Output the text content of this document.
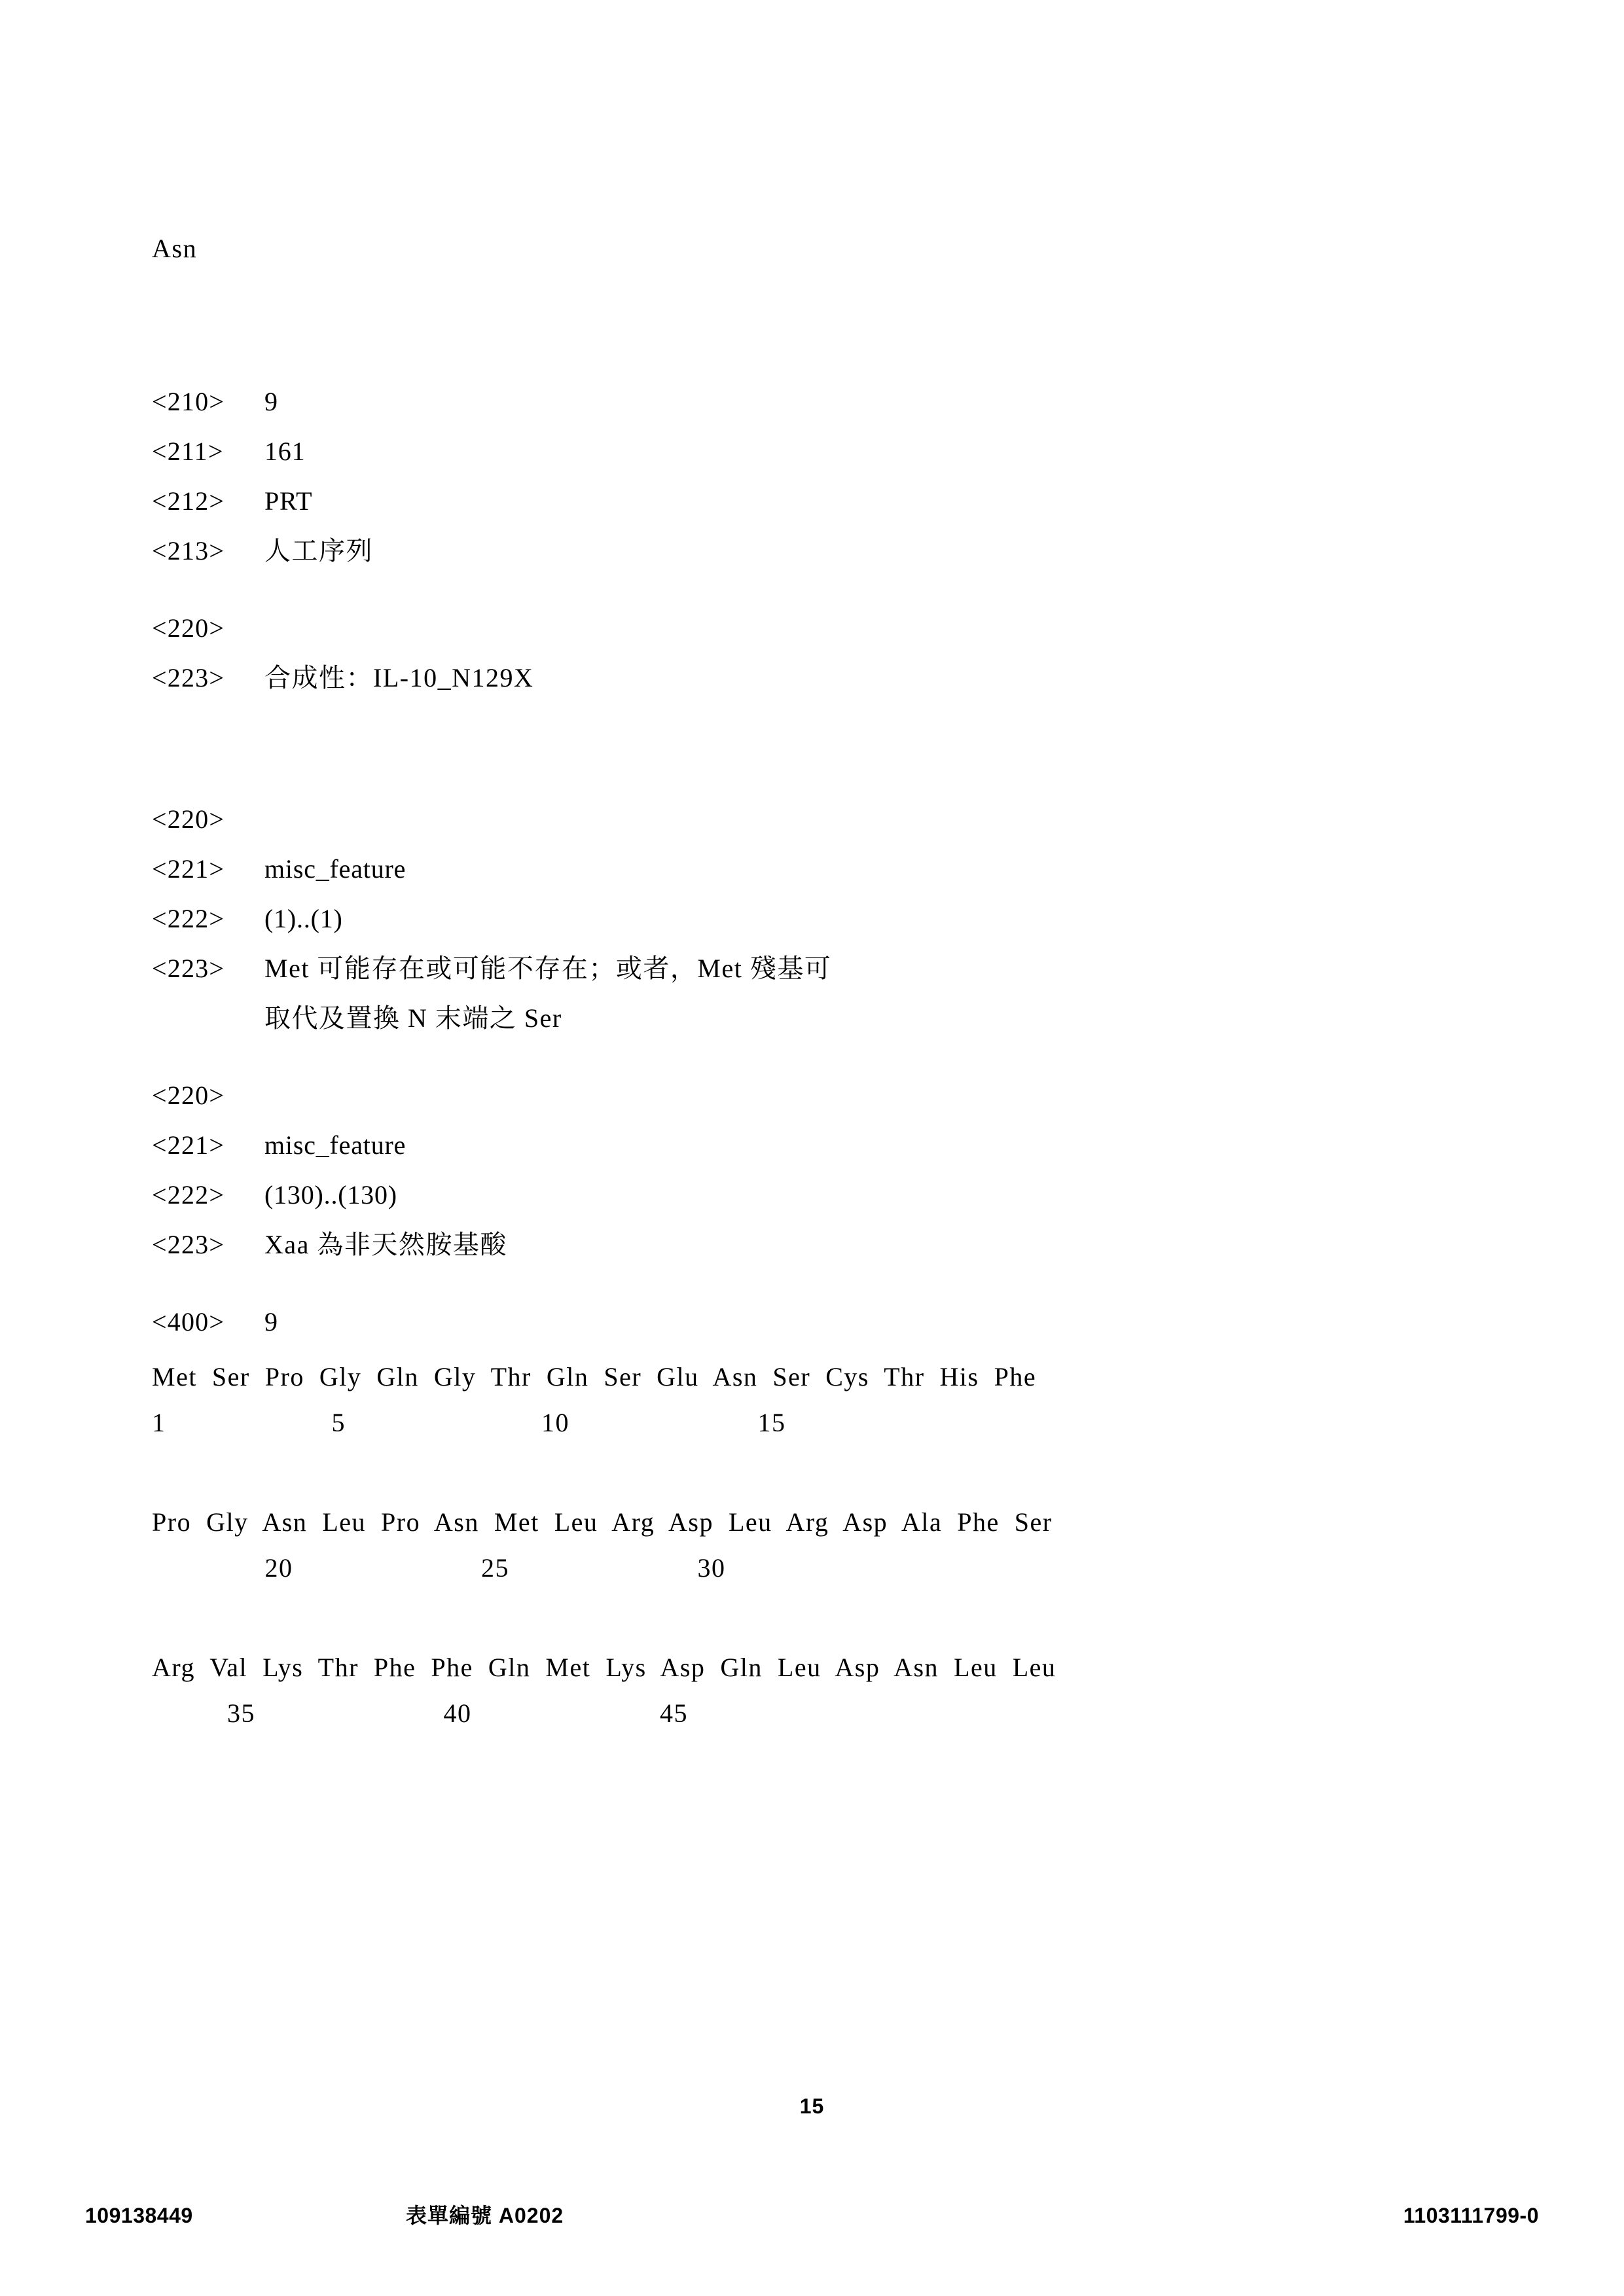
Asn
<210>	9
<211>	161
<212>	PRT
<213>	人工序列
<220>
<223>	合成性：IL-10_N129X
<220>
<221>	misc_feature
<222>	(1)..(1)
<223>	Met 可能存在或可能不存在；或者，Met 殘基可
取代及置換 N 末端之 Ser
<220>
<221>	misc_feature
<222>	(130)..(130)
<223>	Xaa 為非天然胺基酸
<400>	9
Met  Ser  Pro  Gly  Gln  Gly  Thr  Gln  Ser  Glu  Asn  Ser  Cys  Thr  His  Phe
1                      5                          10                         15
Pro  Gly  Asn  Leu  Pro  Asn  Met  Leu  Arg  Asp  Leu  Arg  Asp  Ala  Phe  Ser
20                         25                         30
Arg  Val  Lys  Thr  Phe  Phe  Gln  Met  Lys  Asp  Gln  Leu  Asp  Asn  Leu  Leu
35                         40                         45
15
109138449	表單編號 A0202	1103111799-0
